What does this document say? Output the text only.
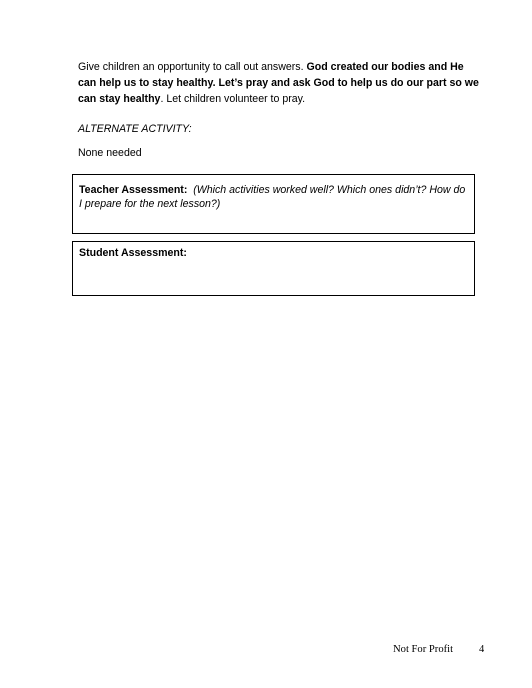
Give children an opportunity to call out answers. God created our bodies and He can help us to stay healthy. Let’s pray and ask God to help us do our part so we can stay healthy. Let children volunteer to pray.

ALTERNATE ACTIVITY:
None needed
Teacher Assessment: (Which activities worked well? Which ones didn’t? How do I prepare for the next lesson?)
Student Assessment:
Not For Profit 4
